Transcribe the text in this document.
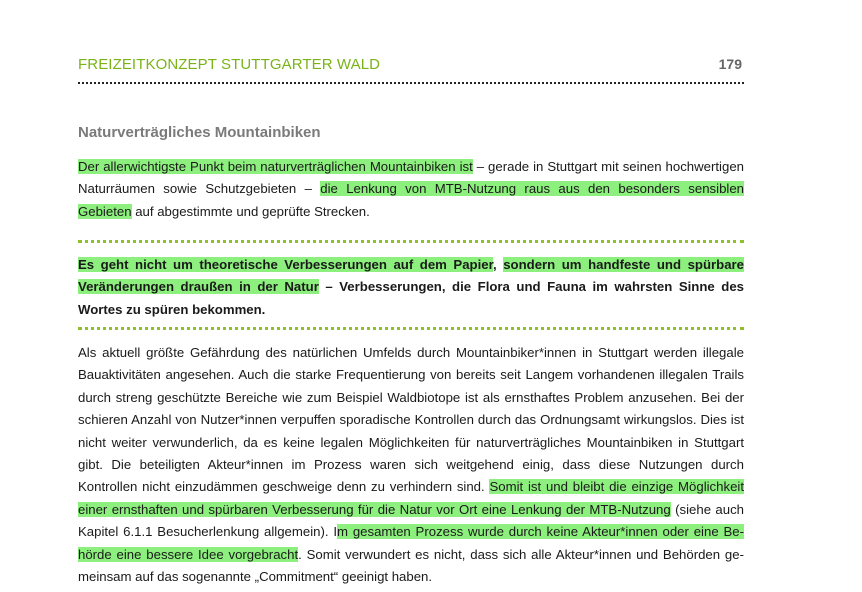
FREIZEITKONZEPT STUTTGARTER WALD	179
Naturverträgliches Mountainbiken

Der allerwichtigste Punkt beim naturverträglichen Mountainbiken ist – gerade in Stuttgart mit seinen hochwertigen Naturräumen sowie Schutzgebieten – die Lenkung von MTB-Nutzung raus aus den besonders sensiblen Gebieten auf abgestimmte und geprüfte Strecken.

Es geht nicht um theoretische Verbesserungen auf dem Papier, sondern um handfeste und spürbare Veränderungen draußen in der Natur – Verbesserungen, die Flora und Fauna im wahrsten Sinne des Wortes zu spüren bekommen.

Als aktuell größte Gefährdung des natürlichen Umfelds durch Mountainbiker*innen in Stuttgart werden illegale Bauaktivitäten angesehen. Auch die starke Frequentierung von bereits seit Langem vorhandenen illegalen Trails durch streng geschützte Bereiche wie zum Beispiel Waldbiotope ist als ernsthaftes Problem anzusehen. Bei der schieren Anzahl von Nutzer*innen verpuffen sporadische Kontrollen durch das Ordnungsamt wirkungslos. Dies ist nicht weiter verwunderlich, da es keine legalen Möglichkeiten für naturverträgliches Mountainbiken in Stuttgart gibt. Die beteiligten Akteur*innen im Prozess waren sich weitgehend einig, dass diese Nutzungen durch Kontrollen nicht einzudämmen geschweige denn zu verhindern sind. Somit ist und bleibt die einzige Möglichkeit einer ernsthaften und spürbaren Verbesserung für die Natur vor Ort eine Lenkung der MTB-Nutzung (siehe auch Kapitel 6.1.1 Besucherlenkung allgemein). Im gesamten Prozess wurde durch keine Akteur*innen oder eine Behörde eine bessere Idee vorgebracht. Somit verwundert es nicht, dass sich alle Akteur*innen und Behörden gemeinsam auf das sogenannte „Commitment“ geeinigt haben.
